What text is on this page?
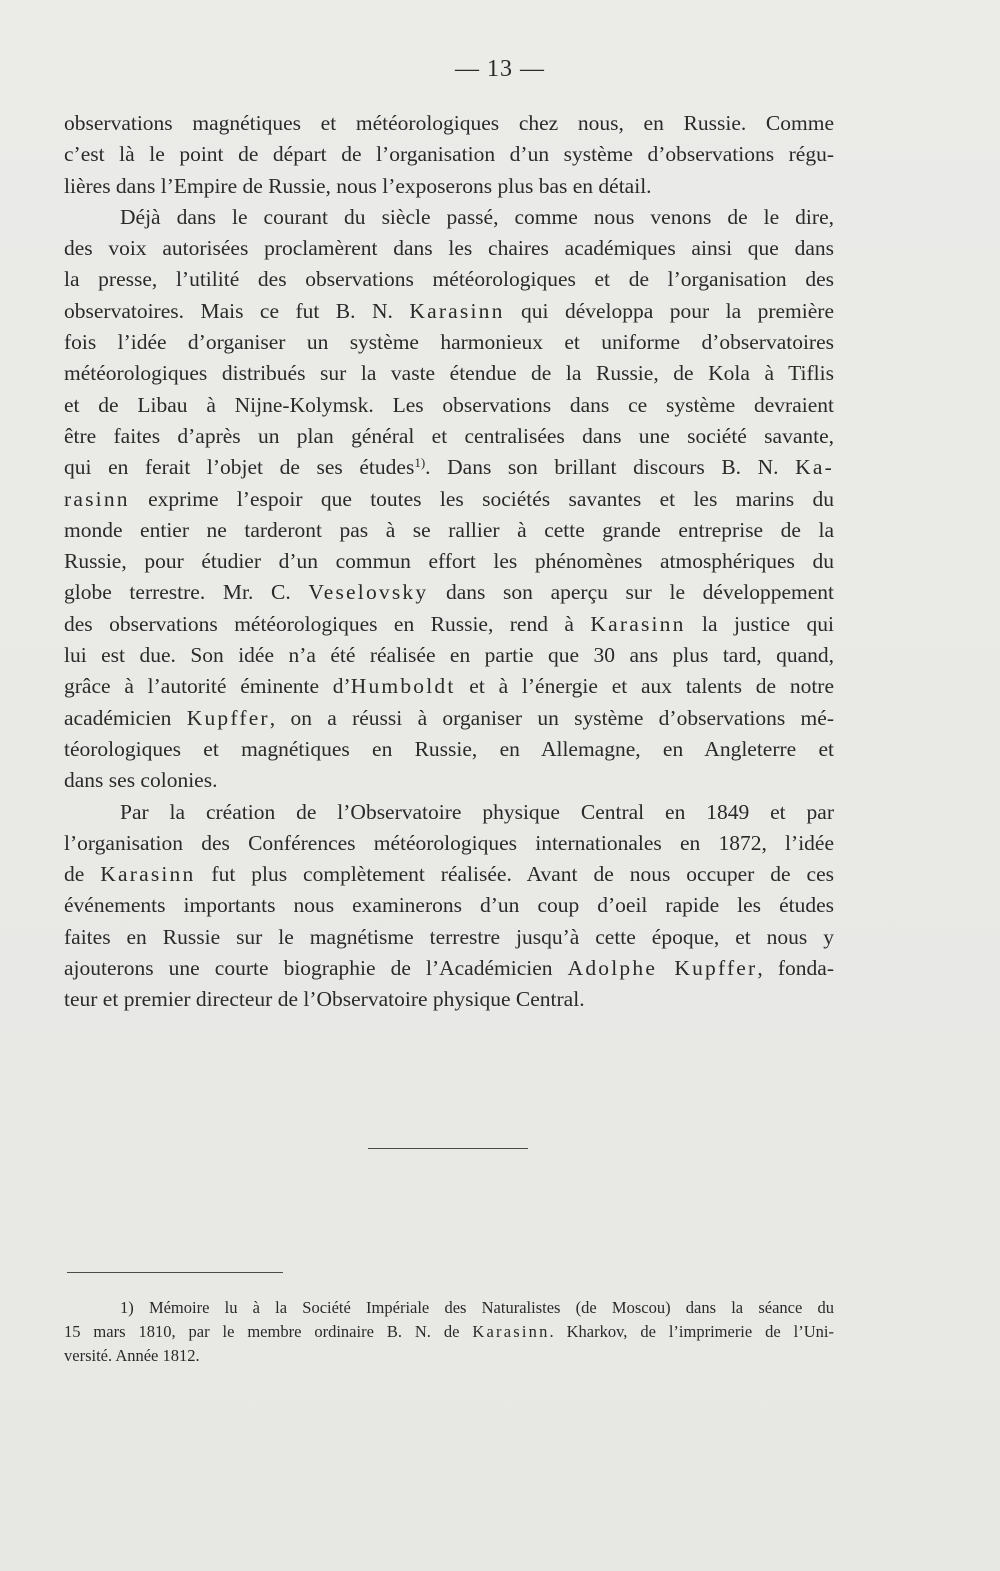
— 13 —
observations magnétiques et météorologiques chez nous, en Russie. Comme
c’est là le point de départ de l’organisation d’un système d’observations régu-
lières dans l’Empire de Russie, nous l’exposerons plus bas en détail.
Déjà dans le courant du siècle passé, comme nous venons de le dire,
des voix autorisées proclamèrent dans les chaires académiques ainsi que dans
la presse, l’utilité des observations météorologiques et de l’organisation des
observatoires. Mais ce fut B. N. Karasinn qui développa pour la première
fois l’idée d’organiser un système harmonieux et uniforme d’observatoires
météorologiques distribués sur la vaste étendue de la Russie, de Kola à Tiflis
et de Libau à Nijne-Kolymsk. Les observations dans ce système devraient
être faites d’après un plan général et centralisées dans une société savante,
qui en ferait l’objet de ses études$^{1)}$. Dans son brillant discours B. N. Ka-
rasinn exprime l’espoir que toutes les sociétés savantes et les marins du
monde entier ne tarderont pas à se rallier à cette grande entreprise de la
Russie, pour étudier d’un commun effort les phénomènes atmosphériques du
globe terrestre. Mr. C. Veselovsky dans son aperçu sur le développement
des observations météorologiques en Russie, rend à Karasinn la justice qui
lui est due. Son idée n’a été réalisée en partie que 30 ans plus tard, quand,
grâce à l’autorité éminente d’Humboldt et à l’énergie et aux talents de notre
académicien Kupffer, on a réussi à organiser un système d’observations mé-
téorologiques et magnétiques en Russie, en Allemagne, en Angleterre et
dans ses colonies.
Par la création de l’Observatoire physique Central en 1849 et par
l’organisation des Conférences météorologiques internationales en 1872, l’idée
de Karasinn fut plus complètement réalisée. Avant de nous occuper de ces
événements importants nous examinerons d’un coup d’oeil rapide les études
faites en Russie sur le magnétisme terrestre jusqu’à cette époque, et nous y
ajouterons une courte biographie de l’Académicien Adolphe Kupffer, fonda-
teur et premier directeur de l’Observatoire physique Central.
1) Mémoire lu à la Société Impériale des Naturalistes (de Moscou) dans la séance du
15 mars 1810, par le membre ordinaire B. N. de Karasinn. Kharkov, de l’imprimerie de l’Uni-
versité. Année 1812.
